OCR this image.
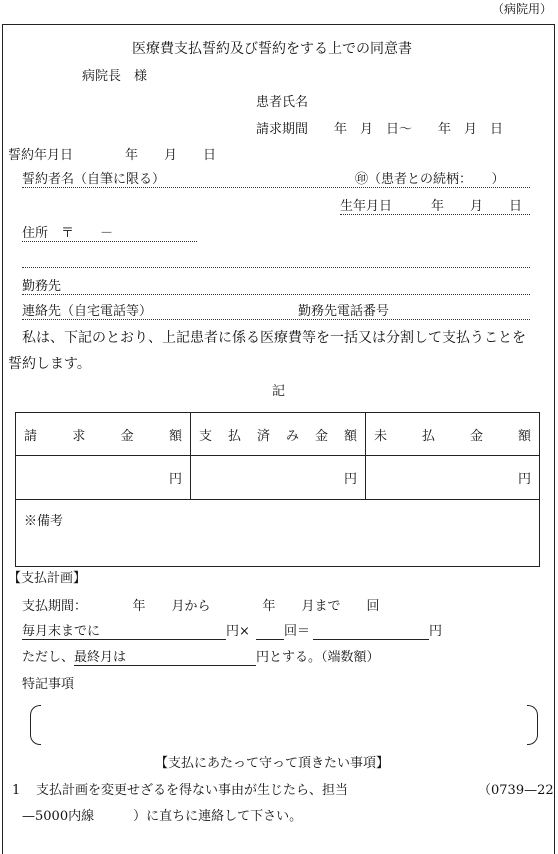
（病院用）
医療費支払誓約及び誓約をする上での同意書
病院長　様
患者氏名
請求期間　　年　月　日～　　年　月　日
誓約年月日　　　　年　　月　　日
誓約者名（自筆に限る）	㊞（患者との続柄：　　）
生年月日　　　年　　月　　日
住所　〒　　－
勤務先
連絡先（自宅電話等）	勤務先電話番号
私は、下記のとおり、上記患者に係る医療費等を一括又は分割して支払うことを
誓約します。
記
請　求　金　額	支払済み金額	未　払　金　額

円	円	円
※備考		
【支払計画】
支払期間：　　　　年　　月から　　　　年　　月まで　　回
毎月末までに	円×	回＝	円
ただし、 最終月は	円とする。（端数額）
特記事項
【支払にあたって守って頂きたい事項】
1 支払計画を変更せざるを得ない事由が生じたら、担当	（0739—22
—5000内線　　　）に直ちに連絡して下さい。
